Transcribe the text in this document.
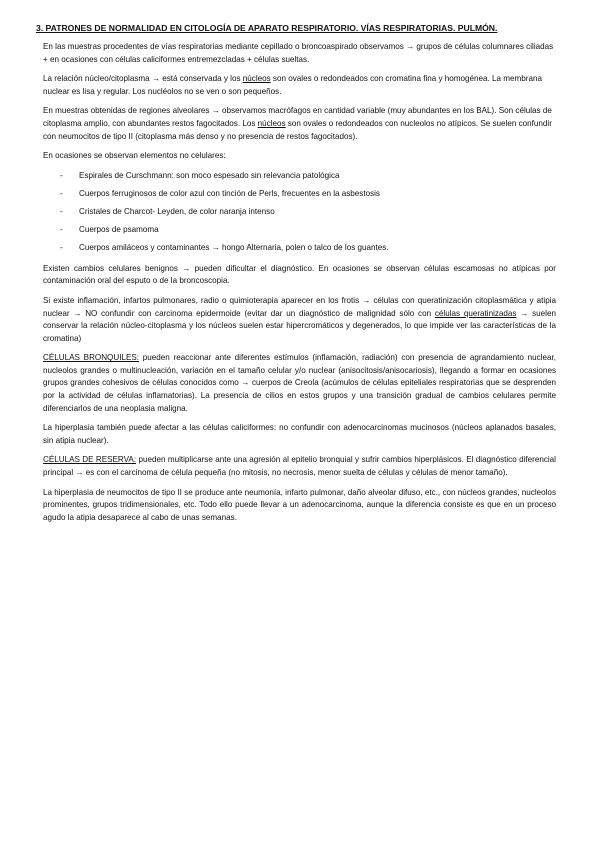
3. PATRONES DE NORMALIDAD EN CITOLOGÍA DE APARATO RESPIRATORIO. VÍAS RESPIRATORIAS. PULMÓN.

En las muestras procedentes de vías respiratorias mediante cepillado o broncoaspirado observamos → grupos de células columnares ciliadas + en ocasiones con células caliciformes entremezcladas + células sueltas.

La relación núcleo/citoplasma → está conservada y los núcleos son ovales o redondeados con cromatina fina y homogénea. La membrana nuclear es lisa y regular. Los nucléolos no se ven o son pequeños.

En muestras obtenidas de regiones alveolares → observamos macrófagos en cantidad variable (muy abundantes en los BAL). Son células de citoplasma amplio, con abundantes restos fagocitados. Los núcleos son ovales o redondeados con nucleolos no atípicos. Se suelen confundir con neumocitos de tipo II (citoplasma más denso y no presencia de restos fagocitados).

En ocasiones se observan elementos no celulares:

- Espirales de Curschmann: son moco espesado sin relevancia patológica
- Cuerpos ferruginosos de color azul con tinción de Perls, frecuentes en la asbestosis
- Cristales de Charcot- Leyden, de color naranja intenso
- Cuerpos de psamoma
- Cuerpos amiláceos y contaminantes → hongo Alternaria, polen o talco de los guantes.

Existen cambios celulares benignos → pueden dificultar el diagnóstico. En ocasiones se observan células escamosas no atípicas por contaminación oral del esputo o de la broncoscopia.

Si existe inflamación, infartos pulmonares, radio o quimioterapia aparecer en los frotis → células con queratinización citoplasmática y atipia nuclear → NO confundir con carcinoma epidermoide (evitar dar un diagnóstico de malignidad sólo con células queratinizadas → suelen conservar la relación núcleo-citoplasma y los núcleos suelen estar hipercromáticos y degenerados, lo que impide ver las características de la cromatina)

CÉLULAS BRONQUILES: pueden reaccionar ante diferentes estímulos (inflamación, radiación) con presencia de agrandamiento nuclear, nucleolos grandes o multinucleación, variación en el tamaño celular y/o nuclear (anisocitosis/anisocariosis), llegando a formar en ocasiones grupos grandes cohesivos de células conocidos como → cuerpos de Creola (acúmulos de células epiteliales respiratorias que se desprenden por la actividad de células inflamatorias). La presencia de cilios en estos grupos y una transición gradual de cambios celulares permite diferenciarlos de una neoplasia maligna.

La hiperplasia también puede afectar a las células caliciformes: no confundir con adenocarcinomas mucinosos (núcleos aplanados basales, sin atipia nuclear).

CÉLULAS DE RESERVA: pueden multiplicarse ante una agresión al epitelio bronquial y sufrir cambios hiperplásicos. El diagnóstico diferencial principal → es con el carcinoma de célula pequeña (no mitosis, no necrosis, menor suelta de células y células de menor tamaño).

La hiperplasia de neumocitos de tipo II se produce ante neumonía, infarto pulmonar, daño alveolar difuso, etc., con núcleos grandes, nucleolos prominentes, grupos tridimensionales, etc. Todo ello puede llevar a un adenocarcinoma, aunque la diferencia consiste es que en un proceso agudo la atipia desaparece al cabo de unas semanas.
